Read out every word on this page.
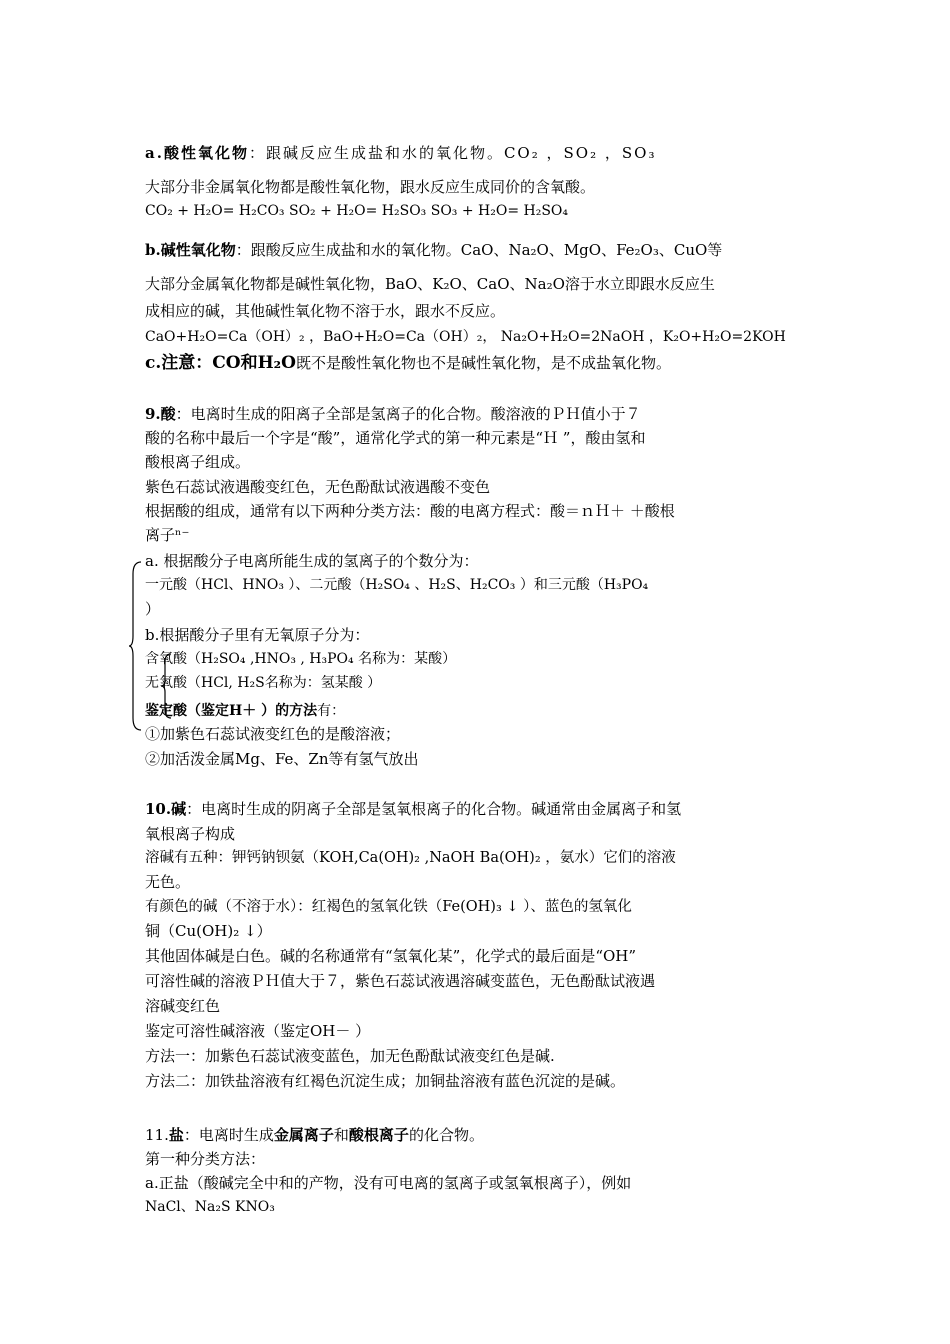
a.酸性氧化物：跟碱反应生成盐和水的氧化物。CO₂ ，SO₂ ，SO₃
大部分非金属氧化物都是酸性氧化物，跟水反应生成同价的含氧酸。
CO₂ + H₂O= H₂CO₃ SO₂ + H₂O= H₂SO₃ SO₃ + H₂O= H₂SO₄
b.碱性氧化物：跟酸反应生成盐和水的氧化物。CaO、Na₂O、MgO、Fe₂O₃、CuO等
大部分金属氧化物都是碱性氧化物，BaO、K₂O、CaO、Na₂O溶于水立即跟水反应生
成相应的碱，其他碱性氧化物不溶于水，跟水不反应。
CaO+H₂O=Ca（OH）₂ ，BaO+H₂O=Ca（OH）₂， Na₂O+H₂O=2NaOH ，K₂O+H₂O=2KOH
c.注意：CO和H₂O既不是酸性氧化物也不是碱性氧化物，是不成盐氧化物。
9.酸：电离时生成的阳离子全部是氢离子的化合物。酸溶液的ＰＨ值小于７
酸的名称中最后一个字是“酸”，通常化学式的第一种元素是“Ｈ ”，酸由氢和
酸根离子组成。
紫色石蕊试液遇酸变红色，无色酚酞试液遇酸不变色
根据酸的组成，通常有以下两种分类方法：酸的电离方程式：酸＝ｎＨ＋ ＋酸根
离子ⁿ⁻
a. 根据酸分子电离所能生成的氢离子的个数分为：
一元酸（HCl、HNO₃ ）、二元酸（H₂SO₄ 、H₂S、H₂CO₃ ）和三元酸（H₃PO₄
）
b.根据酸分子里有无氧原子分为：
含氧酸（H₂SO₄ ,HNO₃ , H₃PO₄ 名称为：某酸）
无氧酸（HCl, H₂S名称为：氢某酸 ）
鉴定酸（鉴定H＋ ）的方法有：
①加紫色石蕊试液变红色的是酸溶液；
②加活泼金属Mg、Fe、Zn等有氢气放出
10.碱：电离时生成的阴离子全部是氢氧根离子的化合物。碱通常由金属离子和氢
氧根离子构成
溶碱有五种：钾钙钠钡氨（KOH,Ca(OH)₂ ,NaOH Ba(OH)₂ ，氨水）它们的溶液
无色。
有颜色的碱（不溶于水）：红褐色的氢氧化铁（Fe(OH)₃ ↓ ）、蓝色的氢氧化
铜（Cu(OH)₂ ↓）
其他固体碱是白色。碱的名称通常有“氢氧化某”，化学式的最后面是“OH”
可溶性碱的溶液ＰＨ值大于７，紫色石蕊试液遇溶碱变蓝色，无色酚酞试液遇
溶碱变红色
鉴定可溶性碱溶液（鉴定OH－ ）
方法一：加紫色石蕊试液变蓝色，加无色酚酞试液变红色是碱.
方法二：加铁盐溶液有红褐色沉淀生成；加铜盐溶液有蓝色沉淀的是碱。
11.盐：电离时生成金属离子和酸根离子的化合物。
第一种分类方法：
a.正盐（酸碱完全中和的产物，没有可电离的氢离子或氢氧根离子），例如
NaCl、Na₂S KNO₃
